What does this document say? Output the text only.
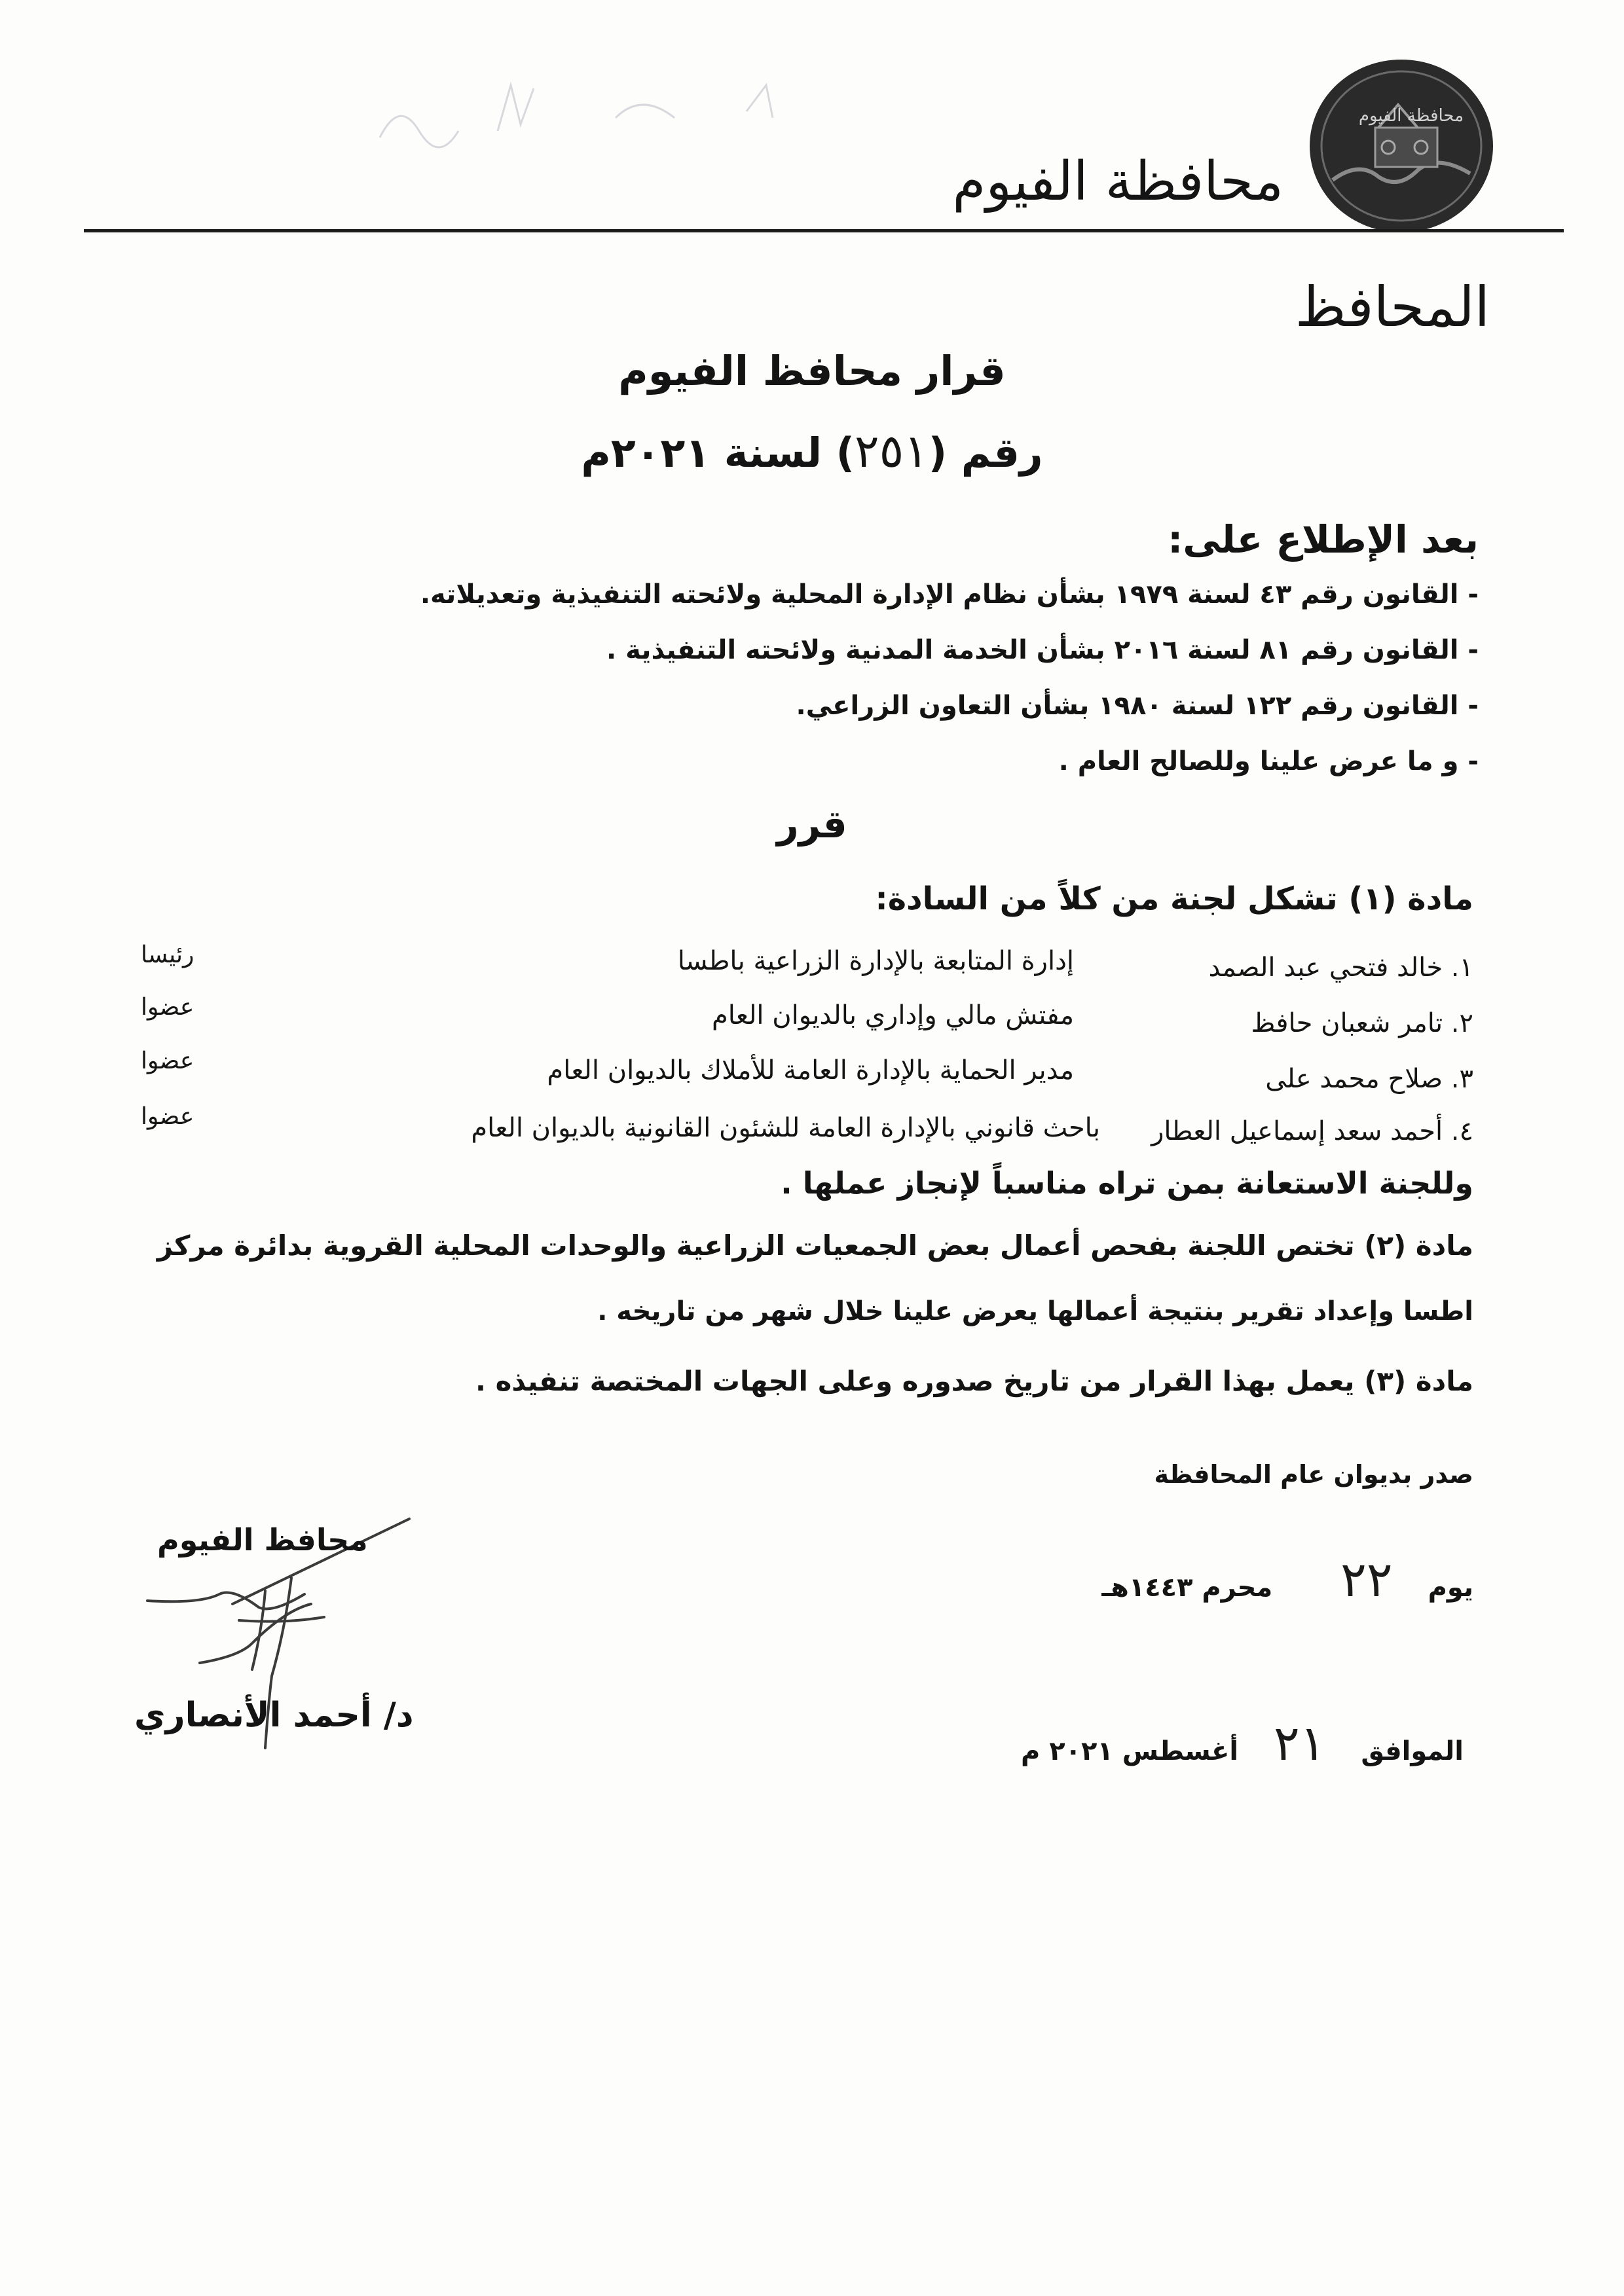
محافظة الفيوم
محافظة الفيوم
المحافظ
قرار محافظ الفيوم
رقم (٢٥١) لسنة ٢٠٢١م
بعد الإطلاع على:
- القانون رقم ٤٣ لسنة ١٩٧٩ بشأن نظام الإدارة المحلية ولائحته التنفيذية وتعديلاته.
- القانون رقم ٨١ لسنة ٢٠١٦ بشأن الخدمة المدنية ولائحته التنفيذية .
- القانون رقم ١٢٢ لسنة ١٩٨٠ بشأن التعاون الزراعي.
- و ما عرض علينا وللصالح العام .
قرر
مادة (١) تشكل لجنة من كلاً من السادة:
١. خالد فتحي عبد الصمد
إدارة المتابعة بالإدارة الزراعية باطسا
رئيسا
٢. تامر شعبان حافظ
مفتش مالي وإداري بالديوان العام
عضوا
٣. صلاح محمد على
مدير الحماية بالإدارة العامة للأملاك بالديوان العام
عضوا
٤. أحمد سعد إسماعيل العطار
باحث قانوني بالإدارة العامة للشئون القانونية بالديوان العام
عضوا
وللجنة الاستعانة بمن تراه مناسباً لإنجاز عملها .
مادة (٢) تختص اللجنة بفحص أعمال بعض الجمعيات الزراعية والوحدات المحلية القروية بدائرة مركز
اطسا وإعداد تقرير بنتيجة أعمالها يعرض علينا خلال شهر من تاريخه .
مادة (٣) يعمل بهذا القرار من تاريخ صدوره وعلى الجهات المختصة تنفيذه .
صدر بديوان عام المحافظة
يوم ٢٢ محرم ١٤٤٣هـ
الموافق ٢١ أغسطس ٢٠٢١ م
محافظ الفيوم
د/ أحمد الأنصاري
